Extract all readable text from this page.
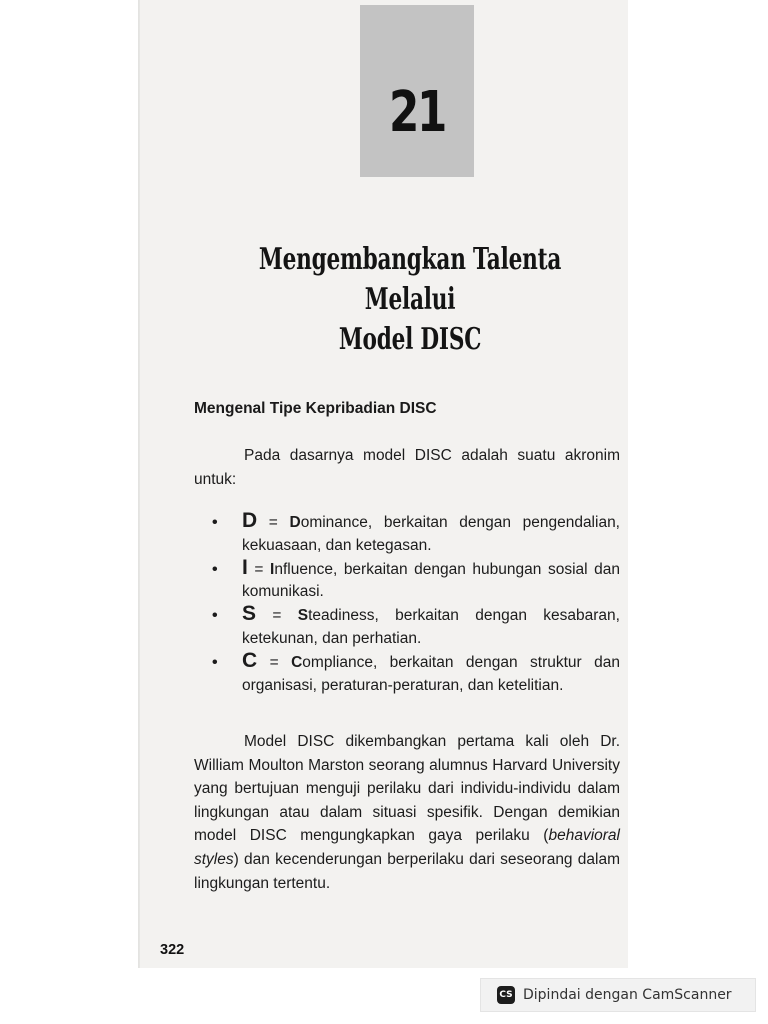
21
Mengembangkan Talenta Melalui
Model DISC
Mengenal Tipe Kepribadian DISC

Pada dasarnya model DISC adalah suatu akronim untuk:

• D = Dominance, berkaitan dengan pengendalian, kekuasaan, dan ketegasan.
• I = Influence, berkaitan dengan hubungan sosial dan komunikasi.
• S = Steadiness, berkaitan dengan kesabaran, ketekunan, dan perhatian.
• C = Compliance, berkaitan dengan struktur dan organisasi, peraturan-peraturan, dan ketelitian.

Model DISC dikembangkan pertama kali oleh Dr. William Moulton Marston seorang alumnus Harvard University yang bertujuan menguji perilaku dari individu-individu dalam lingkungan atau dalam situasi spesifik. Dengan demikian model DISC mengungkapkan gaya perilaku (behavioral styles) dan kecenderungan berperilaku dari seseorang dalam lingkungan tertentu.

322
CS Dipindai dengan CamScanner
